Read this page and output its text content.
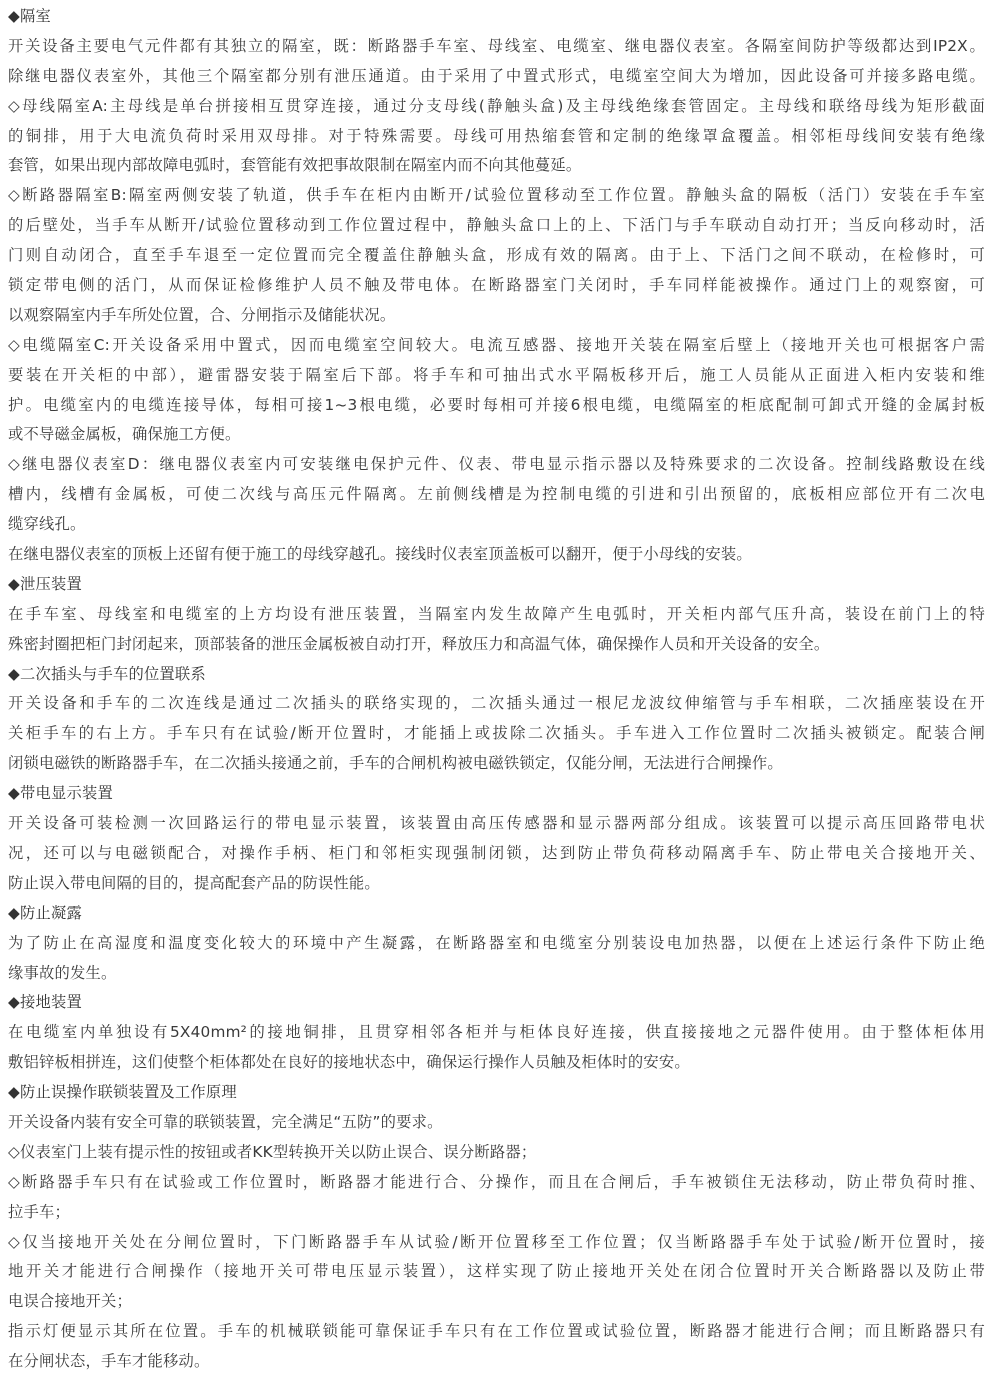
◆隔室
开关设备主要电气元件都有其独立的隔室，既：断路器手车室、母线室、电缆室、继电器仪表室。各隔室间防护等级都达到IP2X。
除继电器仪表室外，其他三个隔室都分别有泄压通道。由于采用了中置式形式，电缆室空间大为增加，因此设备可并接多路电缆。
◇母线隔室A:主母线是单台拼接相互贯穿连接，通过分支母线(静触头盒)及主母线绝缘套管固定。主母线和联络母线为矩形截面
的铜排，用于大电流负荷时采用双母排。对于特殊需要。母线可用热缩套管和定制的绝缘罩盒覆盖。相邻柜母线间安装有绝缘
套管，如果出现内部故障电弧时，套管能有效把事故限制在隔室内而不向其他蔓延。
◇断路器隔室B:隔室两侧安装了轨道，供手车在柜内由断开/试验位置移动至工作位置。静触头盒的隔板（活门）安装在手车室
的后壁处，当手车从断开/试验位置移动到工作位置过程中，静触头盒口上的上、下活门与手车联动自动打开；当反向移动时，活
门则自动闭合，直至手车退至一定位置而完全覆盖住静触头盒，形成有效的隔离。由于上、下活门之间不联动，在检修时，可
锁定带电侧的活门，从而保证检修维护人员不触及带电体。在断路器室门关闭时，手车同样能被操作。通过门上的观察窗，可
以观察隔室内手车所处位置，合、分闸指示及储能状况。
◇电缆隔室C:开关设备采用中置式，因而电缆室空间较大。电流互感器、接地开关装在隔室后壁上（接地开关也可根据客户需
要装在开关柜的中部），避雷器安装于隔室后下部。将手车和可抽出式水平隔板移开后，施工人员能从正面进入柜内安装和维
护。电缆室内的电缆连接导体，每相可接1~3根电缆，必要时每相可并接6根电缆，电缆隔室的柜底配制可卸式开缝的金属封板
或不导磁金属板，确保施工方便。
◇继电器仪表室D：继电器仪表室内可安装继电保护元件、仪表、带电显示指示器以及特殊要求的二次设备。控制线路敷设在线
槽内，线槽有金属板，可使二次线与高压元件隔离。左前侧线槽是为控制电缆的引进和引出预留的，底板相应部位开有二次电
缆穿线孔。
在继电器仪表室的顶板上还留有便于施工的母线穿越孔。接线时仪表室顶盖板可以翻开，便于小母线的安装。
◆泄压装置
在手车室、母线室和电缆室的上方均设有泄压装置，当隔室内发生故障产生电弧时，开关柜内部气压升高，装设在前门上的特
殊密封圈把柜门封闭起来，顶部装备的泄压金属板被自动打开，释放压力和高温气体，确保操作人员和开关设备的安全。
◆二次插头与手车的位置联系
开关设备和手车的二次连线是通过二次插头的联络实现的，二次插头通过一根尼龙波纹伸缩管与手车相联，二次插座装设在开
关柜手车的右上方。手车只有在试验/断开位置时，才能插上或拔除二次插头。手车进入工作位置时二次插头被锁定。配装合闸
闭锁电磁铁的断路器手车，在二次插头接通之前，手车的合闸机构被电磁铁锁定，仅能分闸，无法进行合闸操作。
◆带电显示装置
开关设备可装检测一次回路运行的带电显示装置，该装置由高压传感器和显示器两部分组成。该装置可以提示高压回路带电状
况，还可以与电磁锁配合，对操作手柄、柜门和邻柜实现强制闭锁，达到防止带负荷移动隔离手车、防止带电关合接地开关、
防止误入带电间隔的目的，提高配套产品的防误性能。
◆防止凝露
为了防止在高湿度和温度变化较大的环境中产生凝露，在断路器室和电缆室分别装设电加热器，以便在上述运行条件下防止绝
缘事故的发生。
◆接地装置
在电缆室内单独设有5X40mm²的接地铜排，且贯穿相邻各柜并与柜体良好连接，供直接接地之元器件使用。由于整体柜体用
敷铝锌板相拼连，这们使整个柜体都处在良好的接地状态中，确保运行操作人员触及柜体时的安安。
◆防止误操作联锁装置及工作原理
开关设备内装有安全可靠的联锁装置，完全满足“五防”的要求。
◇仪表室门上装有提示性的按钮或者KK型转换开关以防止误合、误分断路器；
◇断路器手车只有在试验或工作位置时，断路器才能进行合、分操作，而且在合闸后，手车被锁住无法移动，防止带负荷时推、
拉手车；
◇仅当接地开关处在分闸位置时，下门断路器手车从试验/断开位置移至工作位置；仅当断路器手车处于试验/断开位置时，接
地开关才能进行合闸操作（接地开关可带电压显示装置），这样实现了防止接地开关处在闭合位置时开关合断路器以及防止带
电误合接地开关；
指示灯便显示其所在位置。手车的机械联锁能可靠保证手车只有在工作位置或试验位置，断路器才能进行合闸；而且断路器只有
在分闸状态，手车才能移动。
